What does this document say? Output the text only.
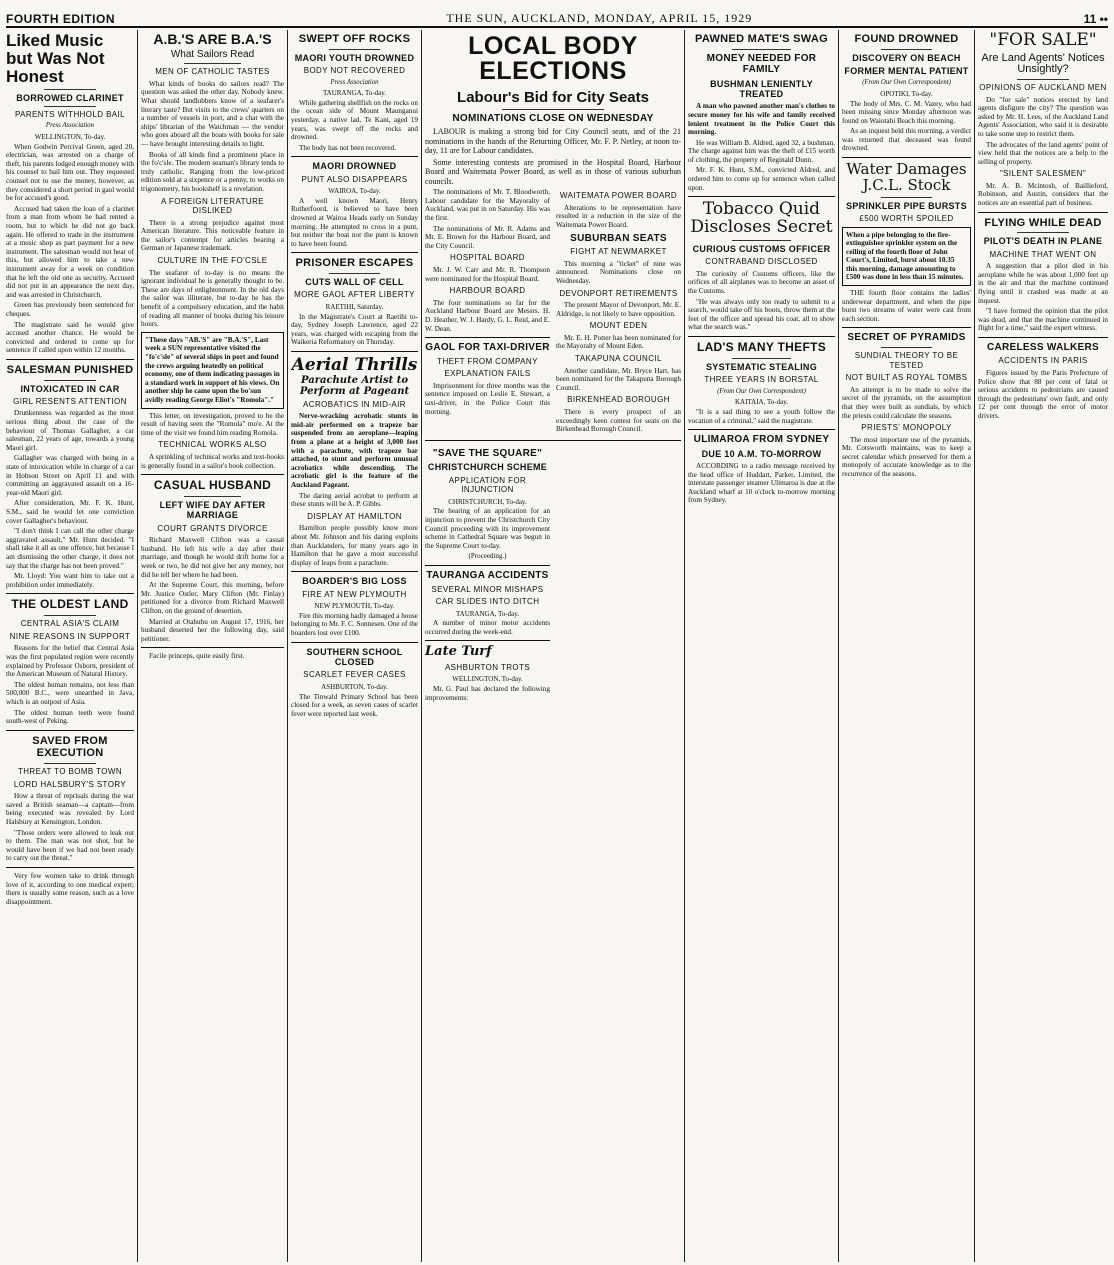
FOURTH EDITION	THE SUN, AUCKLAND, MONDAY, APRIL 15, 1929	11 ••
Liked Music but Was Not Honest
BORROWED CLARINET
PARENTS WITHHOLD BAIL
Press Association
WELLINGTON, To-day.

When Godwin Percival Green, aged 20, electrician, was arrested on a charge of theft, his parents lodged enough money with his counsel to bail him out. They requested counsel not to use the money, however, as they considered a short period in gaol would be for accused's good.

Accused had taken the loan of a clarinet from a man from whom he had rented a room, but to which he did not go back again. He offered to trade in the instrument at a music shop as part payment for a new instrument. The salesman would not hear of this, but allowed him to take a new instrument away for a week on condition that he left the old one as security. Accused did not put in an appearance the next day, and was arrested in Christchurch.

Green has previously been sentenced for cheques.

The magistrate said he would give accused another chance. He would be convicted and ordered to come up for sentence if called upon within 12 months.

SALESMAN PUNISHED
INTOXICATED IN CAR
GIRL RESENTS ATTENTION

Drunkenness was regarded as the most serious thing about the case of the behaviour of Thomas Gallagher, a car salesman, 22 years of age, towards a young Maori girl.

Gallagher was charged with being in a state of intoxication while in charge of a car in Hobson Street on April 11 and with committing an aggravated assault on a 16-year-old Maori girl.

After consideration, Mr. F. K. Hunt, S.M., said he would let one conviction cover Gallagher's behaviour.

"I don't think I can call the other charge aggravated assault," Mr. Hunt decided. "I shall take it all as one offence, but because I am dismissing the other charge, it does not say that the charge has not been proved."

Mr. Lloyd: You want him to take out a prohibition order immediately.

THE OLDEST LAND
CENTRAL ASIA'S CLAIM
NINE REASONS IN SUPPORT

Reasons for the belief that Central Asia was the first populated region were recently explained by Professor Osborn, president of the American Museum of Natural History.

The oldest human remains, not less than 500,000 B.C., were unearthed in Java, which is an outpost of Asia.

The oldest human teeth were found south-west of Peking.

SAVED FROM EXECUTION
THREAT TO BOMB TOWN
LORD HALSBURY'S STORY

How a threat of reprisals during the war saved a British seaman—a captain—from being executed was revealed by Lord Halsbury at Kensington, London.

"Those orders were allowed to leak out to them. The man was not shot, but he would have been if we had not been ready to carry out the threat."

Very few women take to drink through love of it, according to one medical expert; there is usually some reason, such as a love disappointment.

A.B.'S ARE B.A.'S
What Sailors Read
MEN OF CATHOLIC TASTES

What kinds of books do sailors read? The question was asked the other day. Nobody knew. What should landlubbers know of a seafarer's literary taste? But visits to the crews' quarters on a number of vessels in port, and a chat with the ships' librarian of the Watchman — the vendor who goes aboard all the boats with books for sale — have brought interesting details to light.

Books of all kinds find a prominent place in the fo'c'sle. The modern seaman's library tends to truly catholic. Ranging from the low-priced edition sold at a sixpence or a penny, to works on trigonometry, his bookshelf is a revelation.

A FOREIGN LITERATURE DISLIKED

There is a strong prejudice against most American literature. This noticeable feature in the sailor's contempt for articles bearing a German or Japanese trademark.

CULTURE IN THE FO'CSLE

The seafarer of to-day is no means the ignorant individual he is generally thought to be. These are days of enlightenment. In the old days the sailor was illiterate, but to-day he has the benefit of a compulsory education, and the habit of reading all manner of books during his leisure hours.

"These days "AB.'S" are "B.A.'S", Last week a SUN representative visited the "fo'c'sle" of several ships in port and found the crews arguing heatedly on political economy, one of them indicating passages in a standard work in support of his views. On another ship he came upon the bo'sun avidly reading George Eliot's "Romola"."

This letter, on investigation, proved to be the result of having seen the "Romola" mo'e. At the time of the visit we found him reading Romola.

TECHNICAL WORKS ALSO

A sprinkling of technical works and text-books is generally found in a sailor's book collection.

CASUAL HUSBAND
LEFT WIFE DAY AFTER MARRIAGE
COURT GRANTS DIVORCE

Richard Maxwell Clifton was a casual husband. He left his wife a day after their marriage, and though he would drift home for a week or two, he did not give her any money, nor did he tell her where he had been.

At the Supreme Court, this morning, before Mr. Justice Ostler, Mary Clifton (Mr. Finlay) petitioned for a divorce from Richard Maxwell Clifton, on the ground of desertion.

Married at Otahuhu on August 17, 1916, her husband deserted her the following day, said petitioner.

Facile princeps, quite easily first.

SWEPT OFF ROCKS
MAORI YOUTH DROWNED
BODY NOT RECOVERED
Press Association
TAURANGA, To-day.

While gathering shellfish on the rocks on the ocean side of Mount Maunganui yesterday, a native lad, Te Kani, aged 19 years, was swept off the rocks and drowned.

The body has not been recovered.

MAORI DROWNED
PUNT ALSO DISAPPEARS
WAIROA, To-day.

A well known Maori, Henry Rutherfoord, is believed to have been drowned at Wairoa Heads early on Sunday morning. He attempted to cross in a punt, but neither the boat nor the punt is known to have been found.

PRISONER ESCAPES
CUTS WALL OF CELL
MORE GAOL AFTER LIBERTY
RAETIHI, Saturday.

In the Magistrate's Court at Raetihi to-day, Sydney Joseph Lawrence, aged 22 years, was charged with escaping from the Waikeria Reformatory on Thursday.

Aerial Thrills
Parachute Artist to Perform at Pageant
ACROBATICS IN MID-AIR

Nerve-wracking acrobatic stunts in mid-air performed on a trapeze bar suspended from an aeroplane—leaping from a plane at a height of 3,000 feet with a parachute, with trapeze bar attached, to stunt and perform unusual acrobatics while descending. The acrobatic girl is the feature of the Auckland Pageant.

The daring aerial acrobat to perform at these stunts will be A. P. Gibbs.

DISPLAY AT HAMILTON

Hamilton people possibly know more about Mr. Johnson and his daring exploits than Aucklanders, for many years ago in Hamilton that he gave a most successful display of leaps from a parachute.

BOARDER'S BIG LOSS
FIRE AT NEW PLYMOUTH
NEW PLYMOUTH, To-day.

Fire this morning badly damaged a house belonging to Mr. F. C. Sonnesen. One of the boarders lost over £100.

SOUTHERN SCHOOL CLOSED
SCARLET FEVER CASES
ASHBURTON, To-day.

The Tinwald Primary School has been closed for a week, as seven cases of scarlet fever were reported last week.

LOCAL BODY ELECTIONS
Labour's Bid for City Seats
NOMINATIONS CLOSE ON WEDNESDAY

LABOUR is making a strong bid for City Council seats, and of the 21 nominations in the hands of the Returning Officer, Mr. F. P. Netley, at noon to-day, 11 are for Labour candidates.

Some interesting contests are promised in the Hospital Board, Harbour Board and Waitemata Power Board, as well as in those of various suburban councils.

The nominations of Mr. T. Bloodworth, Labour candidate for the Mayoralty of Auckland, was put in on Saturday. His was the first.

The nominations of Mr. R. Adams and Mr. E. Brown for the Harbour Board, and the City Council.

HOSPITAL BOARD

Mr. J. W. Carr and Mr. R. Thompson were nominated for the Hospital Board.

HARBOUR BOARD

The four nominations so far for the Auckland Harbour Board are Messrs. H. D. Heather, W. J. Hardy, G. L. Reid, and E. W. Dean.

GAOL FOR TAXI-DRIVER
THEFT FROM COMPANY
EXPLANATION FAILS

Imprisonment for three months was the sentence imposed on Leslie E. Stewart, a taxi-driver, in the Police Court this morning.

WAITEMATA POWER BOARD

Alterations to be representation have resulted in a reduction in the size of the Waitemata Power Board.

SUBURBAN SEATS
FIGHT AT NEWMARKET

This morning a "ticket" of nine was announced. Nominations close on Wednesday.

DEVONPORT RETIREMENTS

The present Mayor of Devonport, Mr. E. Aldridge, is not likely to have opposition.

MOUNT EDEN

Mr. E. H. Potter has been nominated for the Mayoralty of Mount Eden.

TAKAPUNA COUNCIL

Another candidate, Mr. Bryce Hart, has been nominated for the Takapuna Borough Council.

BIRKENHEAD BOROUGH

There is every prospect of an exceedingly keen contest for seats on the Birkenhead Borough Council.

"SAVE THE SQUARE"
CHRISTCHURCH SCHEME
APPLICATION FOR INJUNCTION
CHRISTCHURCH, To-day.

The hearing of an application for an injunction to prevent the Christchurch City Council proceeding with its improvement scheme in Cathedral Square was begun in the Supreme Court to-day.

(Proceeding.)
TAURANGA ACCIDENTS
SEVERAL MINOR MISHAPS
CAR SLIDES INTO DITCH
TAURANGA, To-day.

A number of minor motor accidents occurred during the week-end.

Late Turf
ASHBURTON TROTS
WELLINGTON, To-day.

Mr. G. Paul has declared the following improvements:

PAWNED MATE'S SWAG
MONEY NEEDED FOR FAMILY
BUSHMAN LENIENTLY TREATED

A man who pawned another man's clothes to secure money for his wife and family received lenient treatment in the Police Court this morning.

He was William B. Aldred, aged 32, a bushman. The charge against him was the theft of £15 worth of clothing, the property of Reginald Dunn.

Mr. F. K. Hunt, S.M., convicted Aldred, and ordered him to come up for sentence when called upon.

Tobacco Quid Discloses Secret
CURIOUS CUSTOMS OFFICER
CONTRABAND DISCLOSED

The curiosity of Customs officers, like the orifices of all airplanes was to become an asset of the Customs.

"He was always only too ready to submit to a search, would take off his boots, throw them at the feet of the officer and spread his coat, all to show what the search was."

LAD'S MANY THEFTS
SYSTEMATIC STEALING
THREE YEARS IN BORSTAL
(From Our Own Correspondent)
KAITAIA, To-day.

"It is a sad thing to see a youth follow the vocation of a criminal," said the magistrate.

ULIMAROA FROM SYDNEY
DUE 10 A.M. TO-MORROW

ACCORDING to a radio message received by the head office of Huddart, Parker, Limited, the interstate passenger steamer Ulimaroa is due at the Auckland wharf at 10 o'clock to-morrow morning from Sydney.

FOUND DROWNED
DISCOVERY ON BEACH
FORMER MENTAL PATIENT
(From Our Own Correspondent)
OPOTIKI, To-day.

The body of Mrs. C. M. Vazey, who had been missing since Monday afternoon was found on Waiotahi Beach this morning.

As an inquest held this morning, a verdict was returned that deceased was found drowned.

Water Damages J.C.L. Stock
SPRINKLER PIPE BURSTS
£500 WORTH SPOILED
When a pipe belonging to the fire-extinguisher sprinkler system on the ceiling of the fourth floor of John Court's, Limited, burst about 10.35 this morning, damage amounting to £500 was done in less than 15 minutes.

THE fourth floor contains the ladies' underwear department, and when the pipe burst two streams of water were cast from each section.

SECRET OF PYRAMIDS
SUNDIAL THEORY TO BE TESTED
NOT BUILT AS ROYAL TOMBS

An attempt is to be made to solve the secret of the pyramids, on the assumption that they were built as sundials, by which the priests could calculate the seasons.

PRIESTS' MONOPOLY

The most important use of the pyramids, Mr. Cotsworth maintains, was to keep a secret calendar which preserved for them a monopoly of accurate knowledge as to the recurrence of the seasons.

"FOR SALE"
Are Land Agents' Notices Unsightly?
OPINIONS OF AUCKLAND MEN

Do "for sale" notices erected by land agents disfigure the city? The question was asked by Mr. H. Lees, of the Auckland Land Agents' Association, who said it is desirable to take some step to restrict them.

The advocates of the land agents' point of view held that the notices are a help to the selling of property.

"SILENT SALESMEN"

Mr. A. B. Mcintosh, of Baillieford, Robinson, and Austin, considers that the notices are an essential part of business.

FLYING WHILE DEAD
PILOT'S DEATH IN PLANE
MACHINE THAT WENT ON

A suggestion that a pilot died in his aeroplane while he was about 1,000 feet up in the air and that the machine continued flying until it crashed was made at an inquest.

"I have formed the opinion that the pilot was dead, and that the machine continued in flight for a time," said the expert witness.

CARELESS WALKERS
ACCIDENTS IN PARIS

Figures issued by the Paris Prefecture of Police show that 88 per cent of fatal or serious accidents to pedestrians are caused through the pedestrians' own fault, and only 12 per cent through the error of motor drivers.
